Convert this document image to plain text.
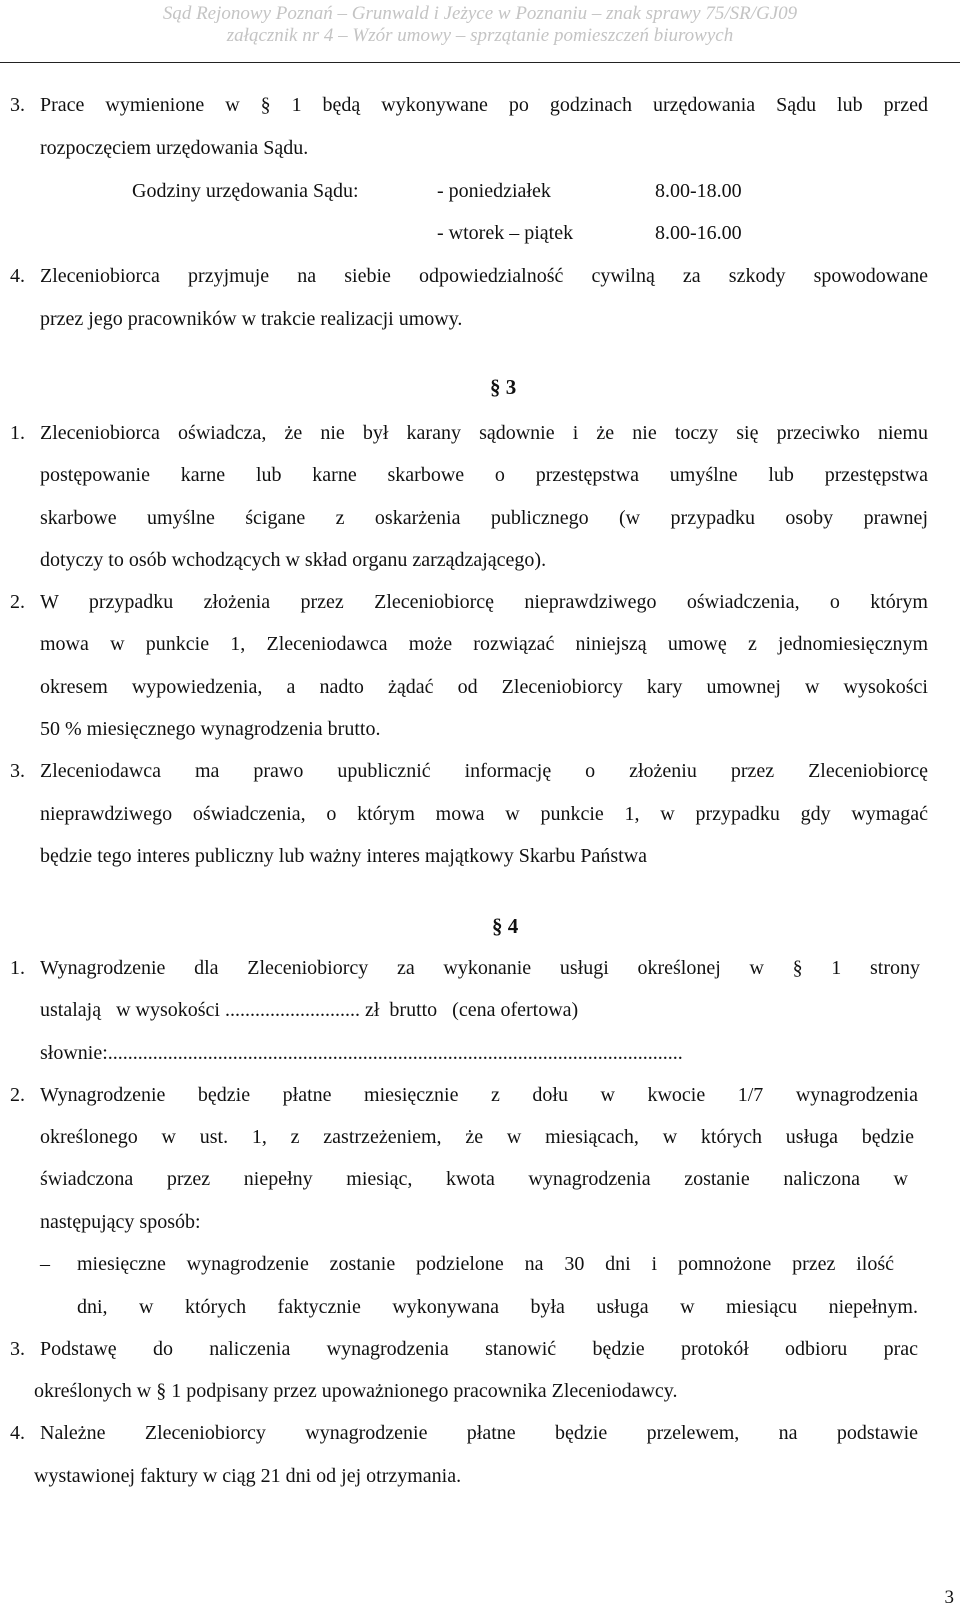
Sąd Rejonowy Poznań – Grunwald i Jeżyce w Poznaniu – znak sprawy 75/SR/GJ09
załącznik nr 4 – Wzór umowy – sprzątanie pomieszczeń biurowych
3. Prace wymienione w § 1 będą wykonywane po godzinach urzędowania Sądu lub przed
rozpoczęciem urzędowania Sądu.
Godziny urzędowania Sądu:	- poniedziałek	8.00-18.00
- wtorek – piątek	8.00-16.00
4. Zleceniobiorca przyjmuje na siebie odpowiedzialność cywilną za szkody spowodowane
przez jego pracowników w trakcie realizacji umowy.
§ 3
1. Zleceniobiorca oświadcza, że nie był karany sądownie i że nie toczy się przeciwko niemu
postępowanie karne lub karne skarbowe o przestępstwa umyślne lub przestępstwa
skarbowe umyślne ścigane z oskarżenia publicznego (w przypadku osoby prawnej
dotyczy to osób wchodzących w skład organu zarządzającego).
2. W przypadku złożenia przez Zleceniobiorcę nieprawdziwego oświadczenia, o którym
mowa w punkcie 1, Zleceniodawca może rozwiązać niniejszą umowę z jednomiesięcznym
okresem wypowiedzenia, a nadto żądać od Zleceniobiorcy kary umownej w wysokości
50 % miesięcznego wynagrodzenia brutto.
3. Zleceniodawca ma prawo upublicznić informację o złożeniu przez Zleceniobiorcę
nieprawdziwego oświadczenia, o którym mowa w punkcie 1, w przypadku gdy wymagać
będzie tego interes publiczny lub ważny interes majątkowy Skarbu Państwa
§ 4
1. Wynagrodzenie dla Zleceniobiorcy za wykonanie usługi określonej w § 1 strony
ustalają   w wysokości ........................... zł  brutto   (cena ofertowa)
słownie:...................................................................................................................
2. Wynagrodzenie będzie płatne miesięcznie z dołu w kwocie 1/7 wynagrodzenia
określonego w ust. 1, z zastrzeżeniem, że w miesiącach, w których usługa będzie
świadczona przez niepełny miesiąc, kwota wynagrodzenia zostanie naliczona w
następujący sposób:
– miesięczne wynagrodzenie zostanie podzielone na 30 dni i pomnożone przez ilość
dni, w których faktycznie wykonywana była usługa w miesiącu niepełnym.
3. Podstawę do naliczenia wynagrodzenia stanowić będzie protokół odbioru prac
określonych w § 1 podpisany przez upoważnionego pracownika Zleceniodawcy.
4. Należne Zleceniobiorcy wynagrodzenie płatne będzie przelewem, na podstawie
wystawionej faktury w ciąg 21 dni od jej otrzymania.
3
